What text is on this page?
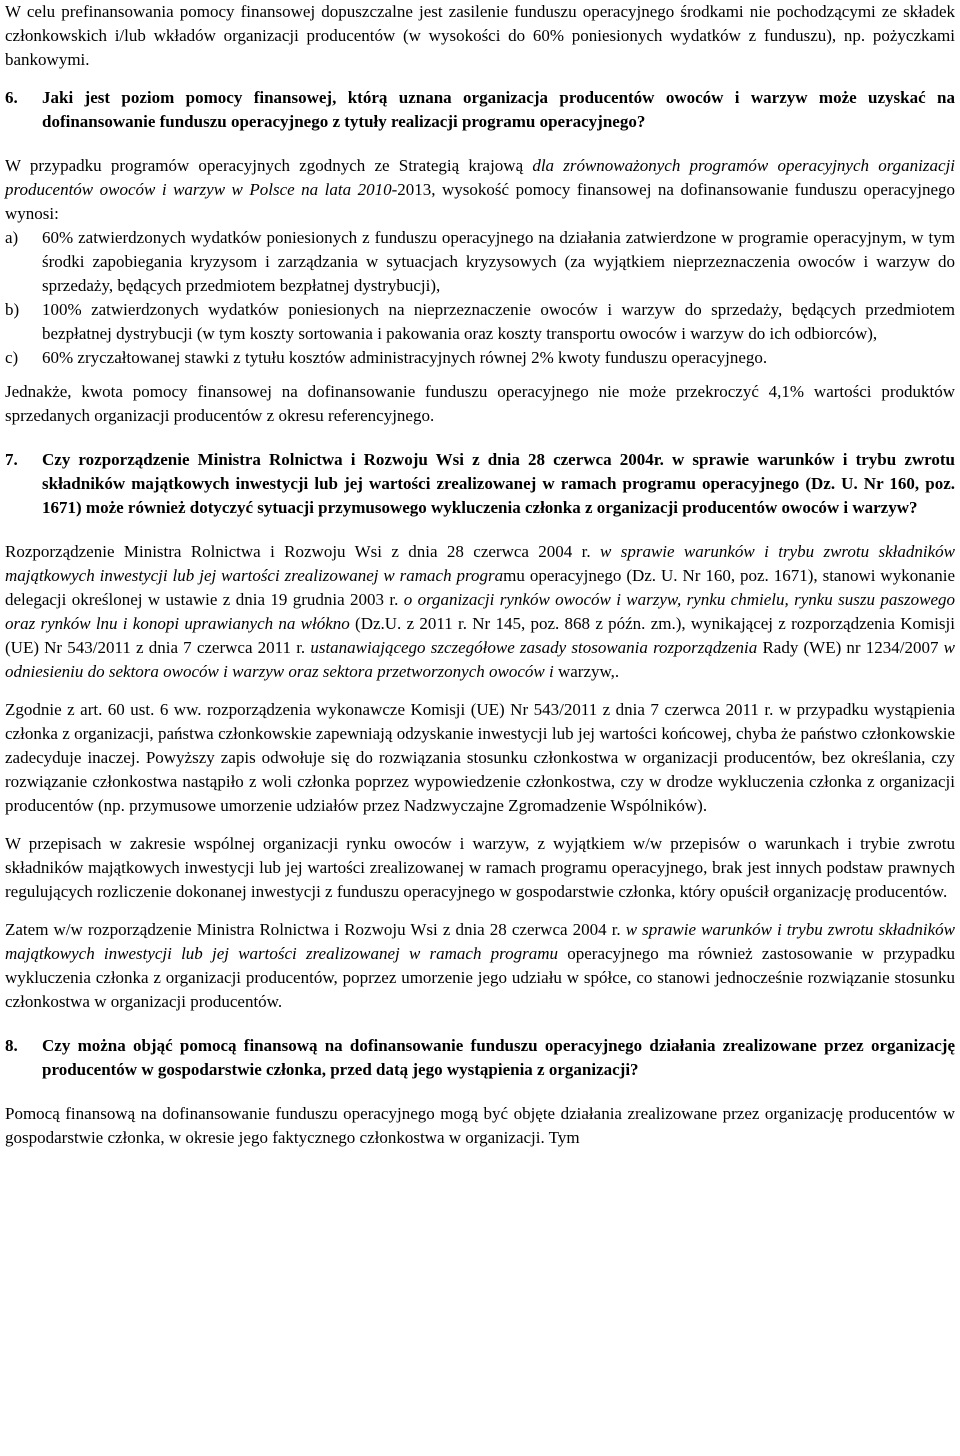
W celu prefinansowania pomocy finansowej dopuszczalne jest zasilenie funduszu operacyjnego środkami nie pochodzącymi ze składek członkowskich i/lub wkładów organizacji producentów (w wysokości do 60% poniesionych wydatków z funduszu), np. pożyczkami bankowymi.

6.	Jaki jest poziom pomocy finansowej, którą uznana organizacja producentów owoców i warzyw może uzyskać na dofinansowanie funduszu operacyjnego z tytuły realizacji programu operacyjnego?

W przypadku programów operacyjnych zgodnych ze Strategią krajową dla zrównoważonych programów operacyjnych organizacji producentów owoców i warzyw w Polsce na lata 2010-2013, wysokość pomocy finansowej na dofinansowanie funduszu operacyjnego wynosi:

a)	60% zatwierdzonych wydatków poniesionych z funduszu operacyjnego na działania zatwierdzone w programie operacyjnym, w tym środki zapobiegania kryzysom i zarządzania w sytuacjach kryzysowych (za wyjątkiem nieprzeznaczenia owoców i warzyw do sprzedaży, będących przedmiotem bezpłatnej dystrybucji),
b)	100% zatwierdzonych wydatków poniesionych na nieprzeznaczenie owoców i warzyw do sprzedaży, będących przedmiotem bezpłatnej dystrybucji (w tym koszty sortowania i pakowania oraz koszty transportu owoców i warzyw do ich odbiorców),
c)	60% zryczałtowanej stawki z tytułu kosztów administracyjnych równej 2% kwoty funduszu operacyjnego.

Jednakże, kwota pomocy finansowej na dofinansowanie funduszu operacyjnego nie może przekroczyć 4,1% wartości produktów sprzedanych organizacji producentów z okresu referencyjnego.

7.	Czy rozporządzenie Ministra Rolnictwa i Rozwoju Wsi z dnia 28 czerwca 2004r. w sprawie warunków i trybu zwrotu składników majątkowych inwestycji lub jej wartości zrealizowanej w ramach programu operacyjnego (Dz. U. Nr 160, poz. 1671) może również dotyczyć sytuacji przymusowego wykluczenia członka z organizacji producentów owoców i warzyw?

Rozporządzenie Ministra Rolnictwa i Rozwoju Wsi z dnia 28 czerwca 2004 r. w sprawie warunków i trybu zwrotu składników majątkowych inwestycji lub jej wartości zrealizowanej w ramach programu operacyjnego (Dz. U. Nr 160, poz. 1671), stanowi wykonanie delegacji określonej w ustawie z dnia 19 grudnia 2003 r. o organizacji rynków owoców i warzyw, rynku chmielu, rynku suszu paszowego oraz rynków lnu i konopi uprawianych na włókno (Dz.U. z 2011 r. Nr 145, poz. 868 z późn. zm.), wynikającej z rozporządzenia Komisji (UE) Nr 543/2011 z dnia 7 czerwca 2011 r. ustanawiającego szczegółowe zasady stosowania rozporządzenia Rady (WE) nr 1234/2007 w odniesieniu do sektora owoców i warzyw oraz sektora przetworzonych owoców i warzyw,.

Zgodnie z art. 60 ust. 6 ww. rozporządzenia wykonawcze Komisji (UE) Nr 543/2011 z dnia 7 czerwca 2011 r. w przypadku wystąpienia członka z organizacji, państwa członkowskie zapewniają odzyskanie inwestycji lub jej wartości końcowej, chyba że państwo członkowskie zadecyduje inaczej. Powyższy zapis odwołuje się do rozwiązania stosunku członkostwa w organizacji producentów, bez określania, czy rozwiązanie członkostwa nastąpiło z woli członka poprzez wypowiedzenie członkostwa, czy w drodze wykluczenia członka z organizacji producentów (np. przymusowe umorzenie udziałów przez Nadzwyczajne Zgromadzenie Wspólników).

W przepisach w zakresie wspólnej organizacji rynku owoców i warzyw, z wyjątkiem w/w przepisów o warunkach i trybie zwrotu składników majątkowych inwestycji lub jej wartości zrealizowanej w ramach programu operacyjnego, brak jest innych podstaw prawnych regulujących rozliczenie dokonanej inwestycji z funduszu operacyjnego w gospodarstwie członka, który opuścił organizację producentów.

Zatem w/w rozporządzenie Ministra Rolnictwa i Rozwoju Wsi z dnia 28 czerwca 2004 r. w sprawie warunków i trybu zwrotu składników majątkowych inwestycji lub jej wartości zrealizowanej w ramach programu operacyjnego ma również zastosowanie w przypadku wykluczenia członka z organizacji producentów, poprzez umorzenie jego udziału w spółce, co stanowi jednocześnie rozwiązanie stosunku członkostwa w organizacji producentów.

8.	Czy można objąć pomocą finansową na dofinansowanie funduszu operacyjnego działania zrealizowane przez organizację producentów w gospodarstwie członka, przed datą jego wystąpienia z organizacji?

Pomocą finansową na dofinansowanie funduszu operacyjnego mogą być objęte działania zrealizowane przez organizację producentów w gospodarstwie członka, w okresie jego faktycznego członkostwa w organizacji. Tym
